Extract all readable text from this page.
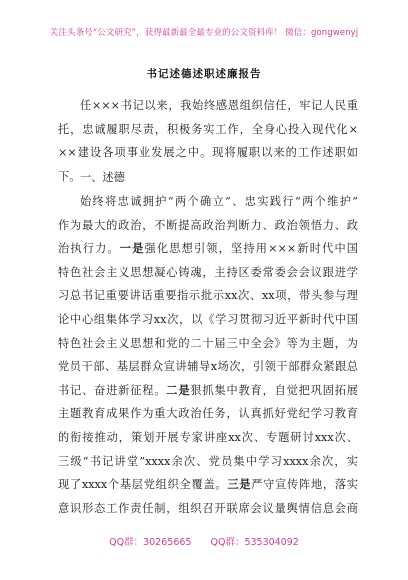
关注头条号“公文研究”，获得最新最全最专业的公文资料库！ 微信：gongwenyj
书记述德述职述廉报告
任×××书记以来，我始终感恩组织信任，牢记人民重
托，忠诚履职尽责，积极务实工作，全身心投入现代化×
××建设各项事业发展之中。现将履职以来的工作述职如
下。 一、述德
始终将忠诚拥护“两个确立”、忠实践行“两个维护”
作为最大的政治，不断提高政治判断力、政治领悟力、政
治执行力。一是强化思想引领，坚持用×××新时代中国
特色社会主义思想凝心铸魂，主持区委常委会会议跟进学
习总书记重要讲话重要指示批示xx次、xx项，带头参与理
论中心组集体学习xx次，以《学习贯彻习近平新时代中国
特色社会主义思想和党的二十届三中全会》等为主题，为
党员干部、基层群众宣讲辅导x场次，引领干部群众紧跟总
书记、奋进新征程。二是狠抓集中教育，自觉把巩固拓展
主题教育成果作为重大政治任务，认真抓好党纪学习教育
的衔接推动，策划开展专家讲座xx次、专题研讨xxx次、
三级“书记讲堂”xxxx余次、党员集中学习xxxx余次，实
现了xxxx个基层党组织全覆盖。三是严守宣传阵地，落实
意识形态工作责任制，组织召开联席会议量舆情信息会商
QQ群：30265665 QQ群：535304092
